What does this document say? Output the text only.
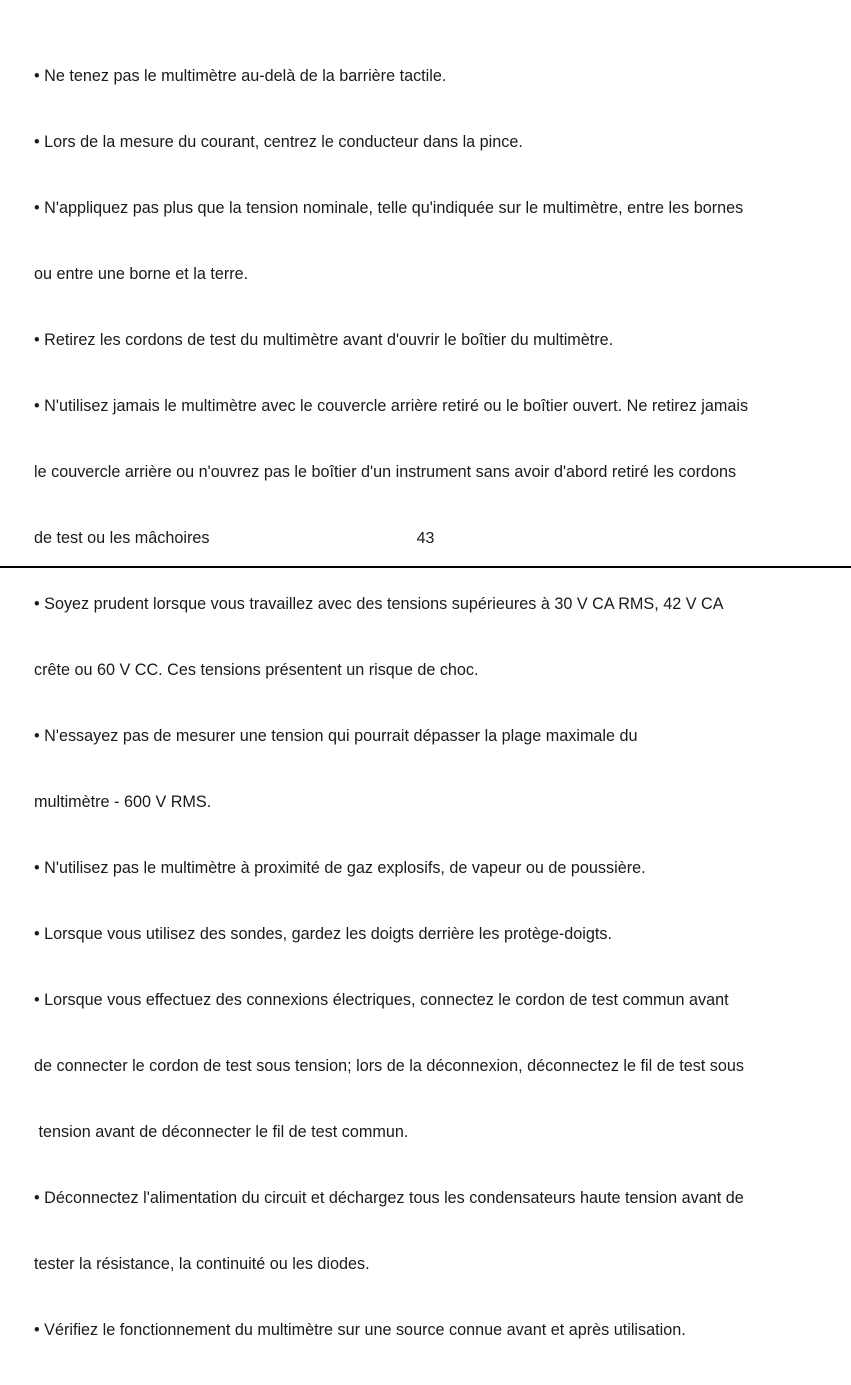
• Ne tenez pas le multimètre au-delà de la barrière tactile.

• Lors de la mesure du courant, centrez le conducteur dans la pince.

• N'appliquez pas plus que la tension nominale, telle qu'indiquée sur le multimètre, entre les bornes

ou entre une borne et la terre.

• Retirez les cordons de test du multimètre avant d'ouvrir le boîtier du multimètre.

• N'utilisez jamais le multimètre avec le couvercle arrière retiré ou le boîtier ouvert. Ne retirez jamais

le couvercle arrière ou n'ouvrez pas le boîtier d'un instrument sans avoir d'abord retiré les cordons

de test ou les mâchoires

• Soyez prudent lorsque vous travaillez avec des tensions supérieures à 30 V CA RMS, 42 V CA

crête ou 60 V CC. Ces tensions présentent un risque de choc.

• N'essayez pas de mesurer une tension qui pourrait dépasser la plage maximale du

multimètre - 600 V RMS.

• N'utilisez pas le multimètre à proximité de gaz explosifs, de vapeur ou de poussière.

• Lorsque vous utilisez des sondes, gardez les doigts derrière les protège-doigts.

• Lorsque vous effectuez des connexions électriques, connectez le cordon de test commun avant

de connecter le cordon de test sous tension; lors de la déconnexion, déconnectez le fil de test sous

tension avant de déconnecter le fil de test commun.

• Déconnectez l'alimentation du circuit et déchargez tous les condensateurs haute tension avant de

tester la résistance, la continuité ou les diodes.

• Vérifiez le fonctionnement du multimètre sur une source connue avant et après utilisation.

43
